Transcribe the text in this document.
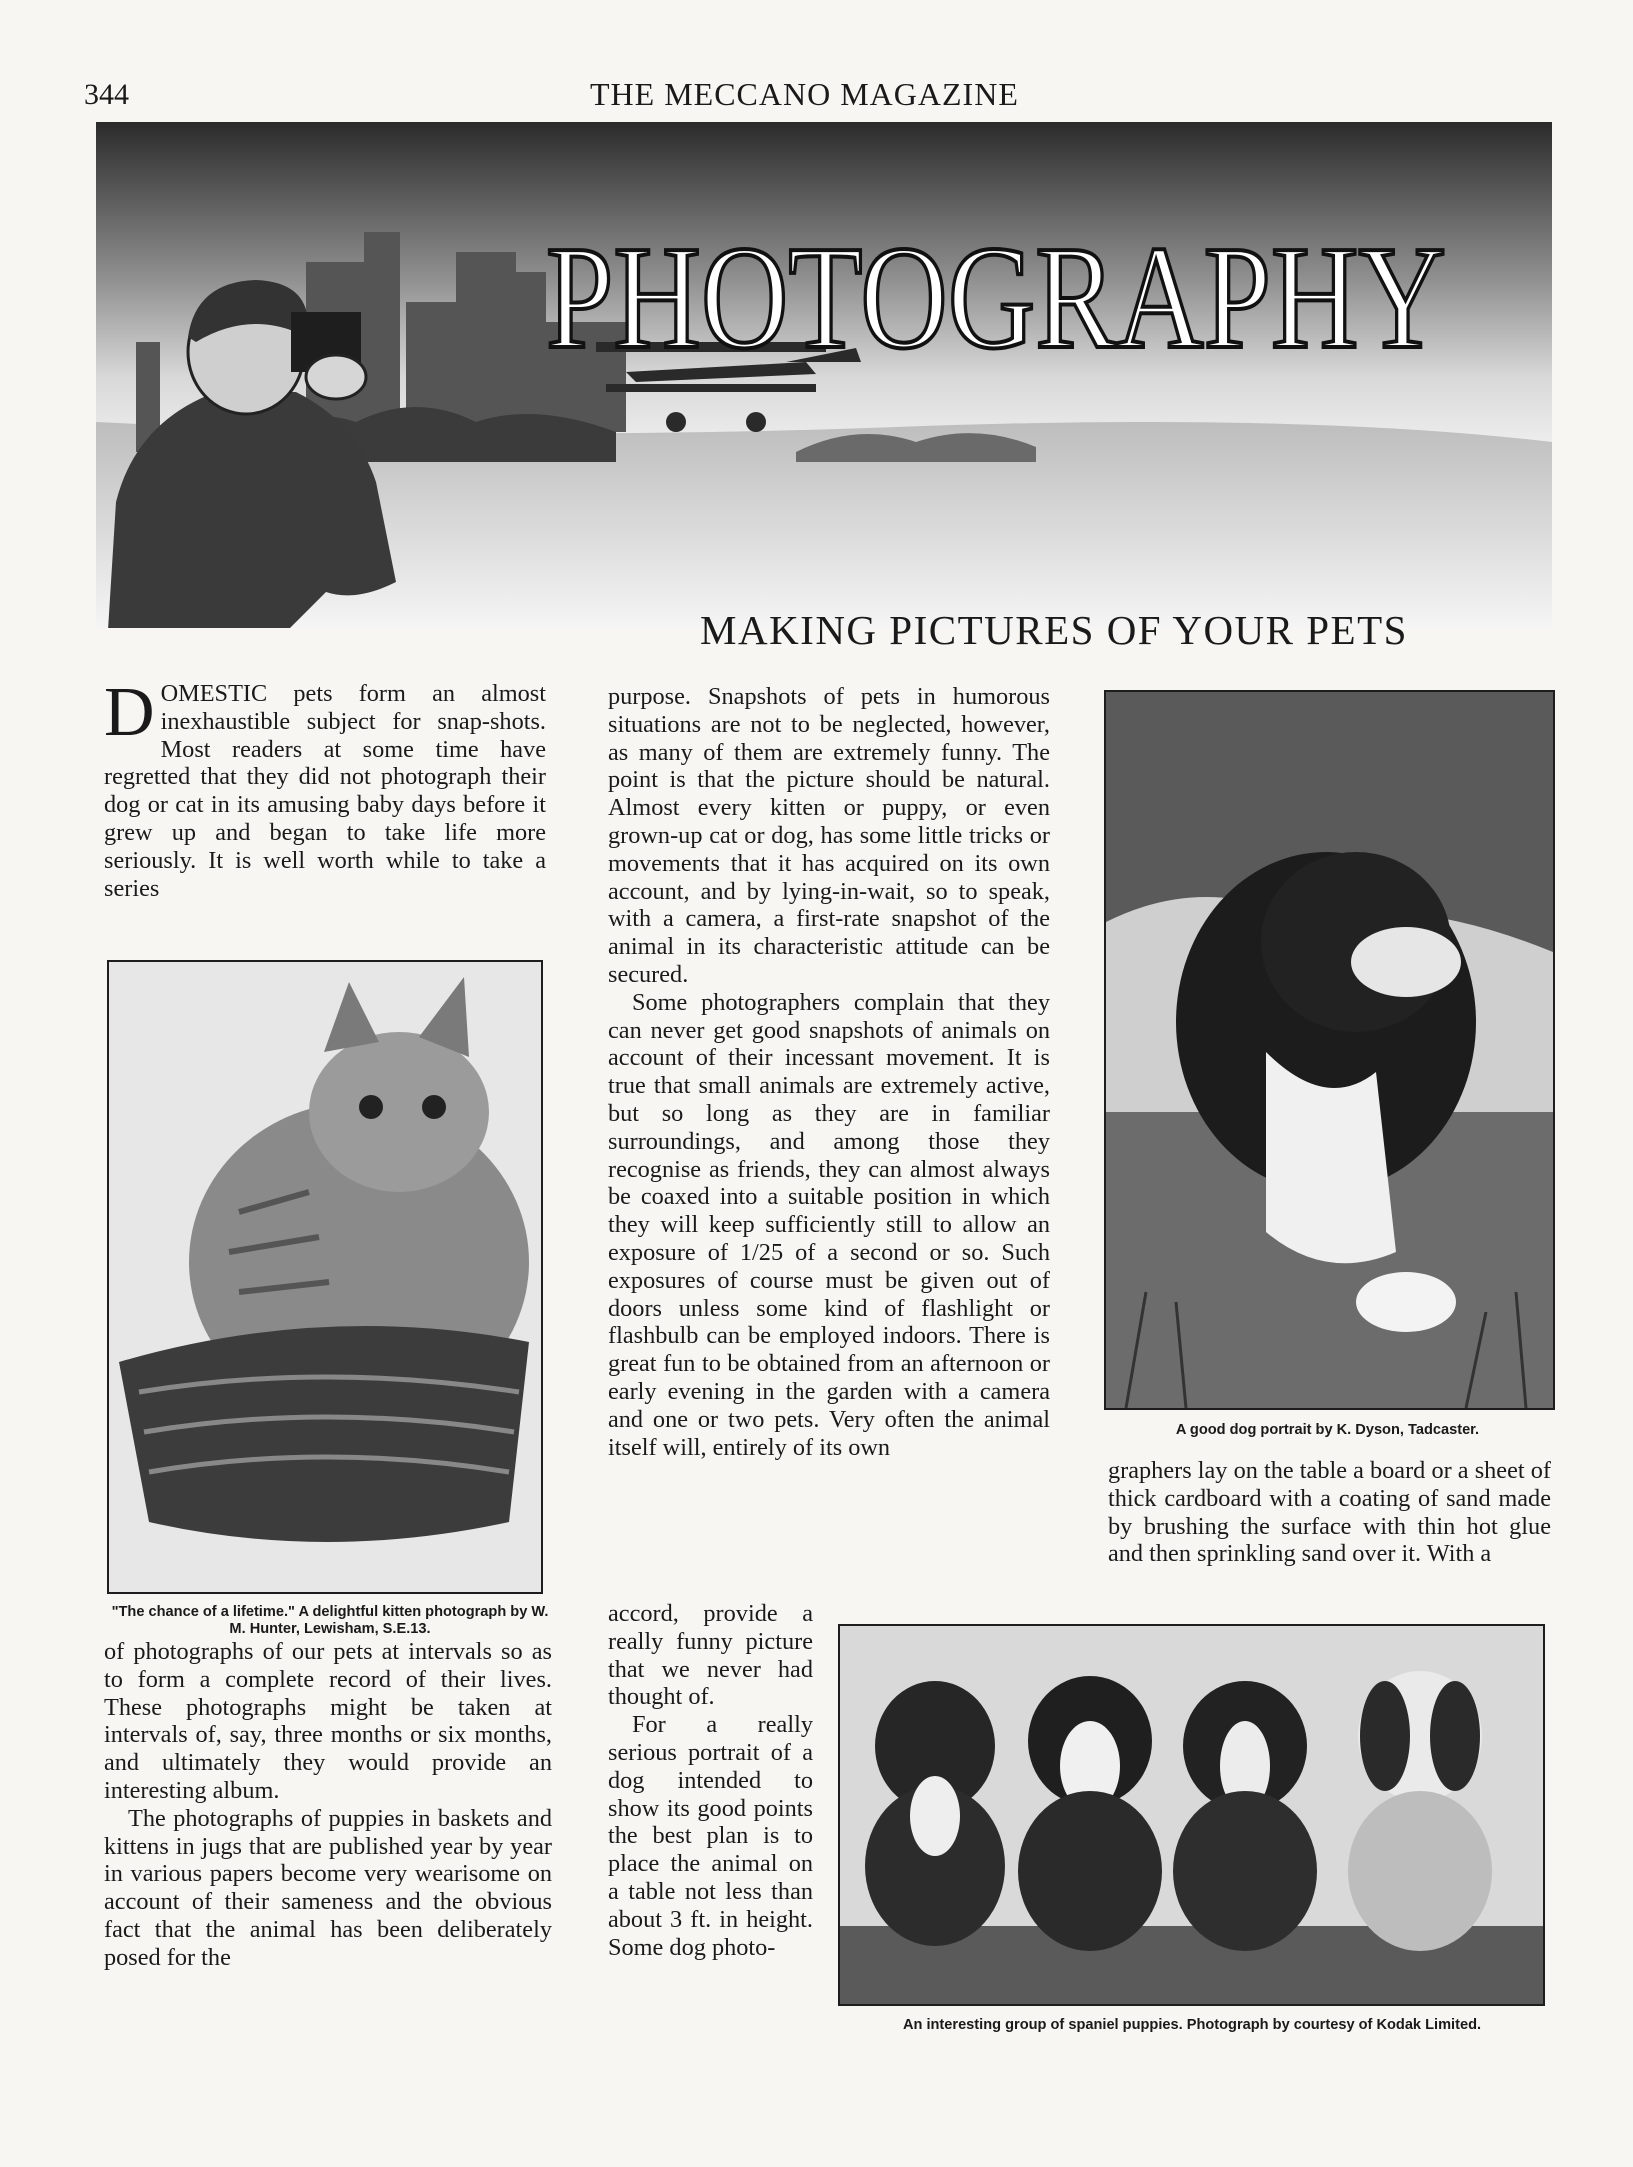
344	THE MECCANO MAGAZINE
PHOTOGRAPHY
MAKING PICTURES OF YOUR PETS

D OMESTIC pets form an almost inexhaustible subject for snap-shots. Most readers at some time have regretted that they did not photograph their dog or cat in its amusing baby days before it grew up and began to take life more seriously. It is well worth while to take a series

"The chance of a lifetime." A delightful kitten photograph by W. M. Hunter, Lewisham, S.E.13.

of photographs of our pets at intervals so as to form a complete record of their lives. These photographs might be taken at intervals of, say, three months or six months, and ultimately they would provide an interesting album.

The photographs of puppies in baskets and kittens in jugs that are published year by year in various papers become very wearisome on account of their sameness and the obvious fact that the animal has been deliberately posed for the

purpose. Snapshots of pets in humorous situations are not to be neglected, however, as many of them are extremely funny. The point is that the picture should be natural. Almost every kitten or puppy, or even grown-up cat or dog, has some little tricks or movements that it has acquired on its own account, and by lying-in-wait, so to speak, with a camera, a first-rate snapshot of the animal in its characteristic attitude can be secured.

Some photographers complain that they can never get good snapshots of animals on account of their incessant movement. It is true that small animals are extremely active, but so long as they are in familiar surroundings, and among those they recognise as friends, they can almost always be coaxed into a suitable position in which they will keep sufficiently still to allow an exposure of 1/25 of a second or so. Such exposures of course must be given out of doors unless some kind of flashlight or flashbulb can be employed indoors. There is great fun to be obtained from an afternoon or early evening in the garden with a camera and one or two pets. Very often the animal itself will, entirely of its own

accord, provide a really funny picture that we never had thought of.

For a really serious portrait of a dog intended to show its good points the best plan is to place the animal on a table not less than about 3 ft. in height. Some dog photo-

A good dog portrait by K. Dyson, Tadcaster.

graphers lay on the table a board or a sheet of thick cardboard with a coating of sand made by brushing the surface with thin hot glue and then sprinkling sand over it. With a

An interesting group of spaniel puppies. Photograph by courtesy of Kodak Limited.
